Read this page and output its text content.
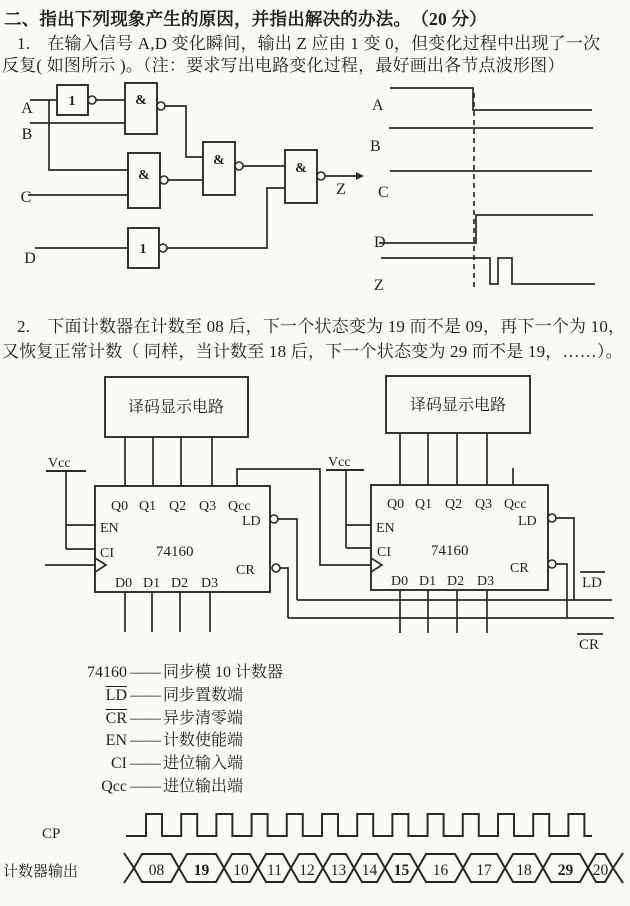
二、指出下列现象产生的原因，并指出解决的办法。　（20 分）
1.　在输入信号 A,D 变化瞬间，输出 Z 应由 1 变 0，但变化过程中出现了一次
反复( 如图所示 )。（注：要求写出电路变化过程，最好画出各节点波形图）
2.　下面计数器在计数至 08 后，下一个状态变为 19 而不是 09，再下一个为 10，
又恢复正常计数（ 同样，当计数至 18 后，下一个状态变为 29 而不是 19，……）。
1	&
&
&
&
1
A
B
C
D
Z
A
B
C
D
Z
译码显示电路	译码显示电路
Q0 Q1 Q2 Q3 Qcc
EN
CI	74160
LD
CR
D0 D1 D2 D3
Q0 Q1 Q2 Q3 Qcc
EN
CI	74160
LD
CR
D0 D1 D2 D3
Vcc	Vcc
LD
CR
CP
计数器输出	08 19 10 11 12 13 14 15 16 17 18 29 20
74160 —— 同步模 10 计数器
$\overline{LD}$ —— 同步置数端
$\overline{CR}$ —— 异步清零端
EN —— 计数使能端
CI —— 进位输入端
Qcc —— 进位输出端
